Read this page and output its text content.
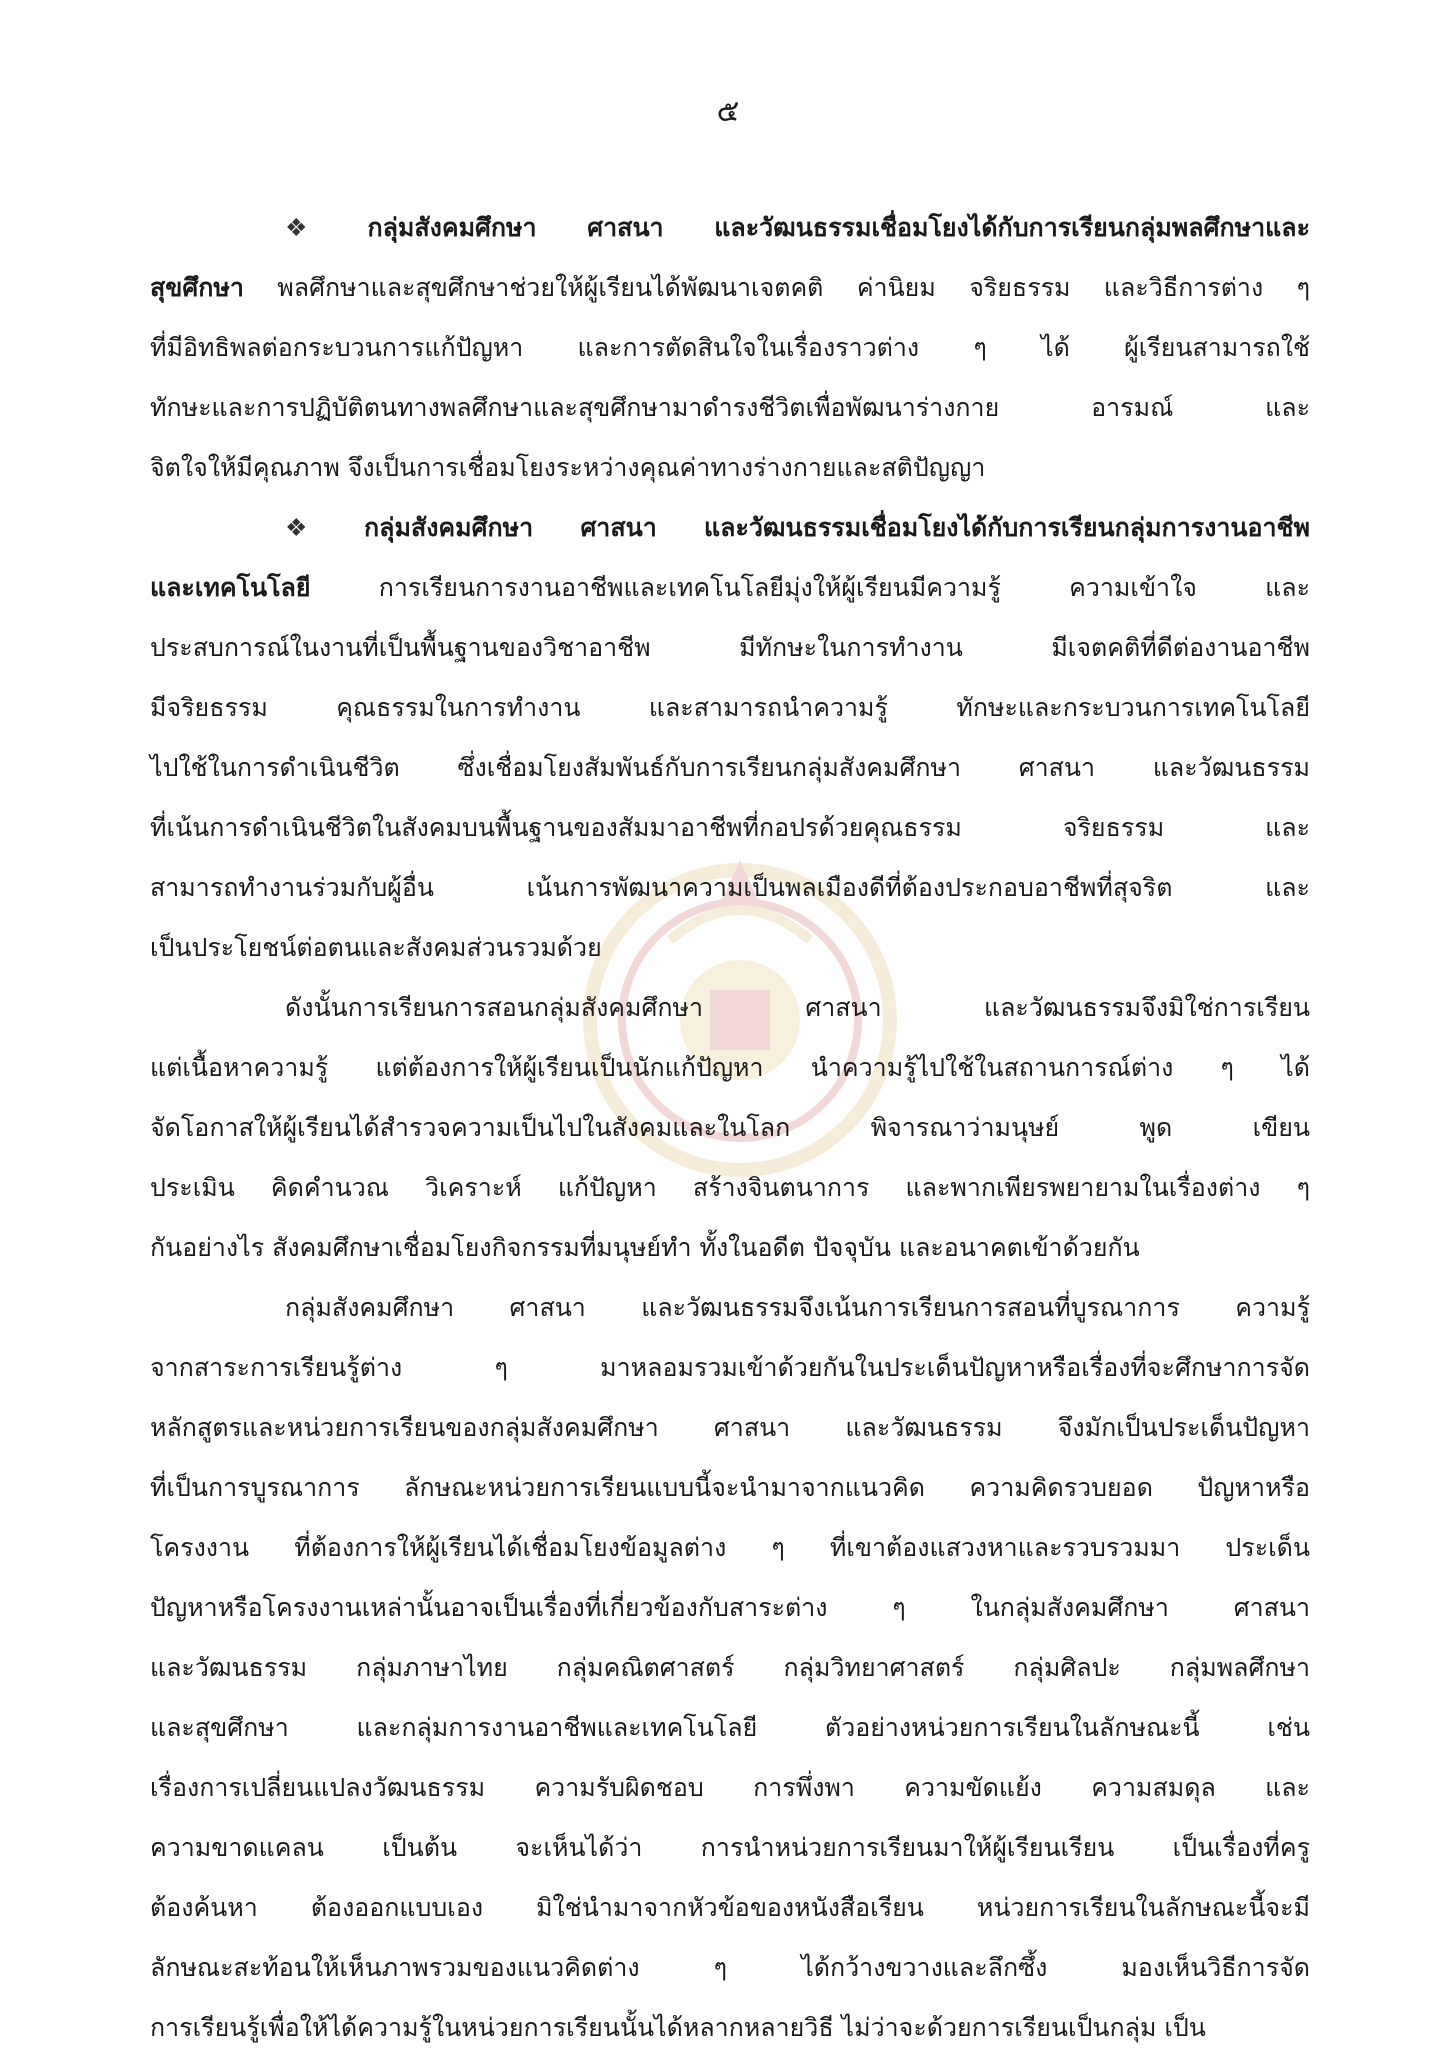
๕
❖ กลุ่มสังคมศึกษา ศาสนา และวัฒนธรรมเชื่อมโยงได้กับการเรียนกลุ่มพลศึกษาและ
สุขศึกษา พลศึกษาและสุขศึกษาช่วยให้ผู้เรียนได้พัฒนาเจตคติ ค่านิยม จริยธรรม และวิธีการต่าง ๆ
ที่มีอิทธิพลต่อกระบวนการแก้ปัญหา และการตัดสินใจในเรื่องราวต่าง ๆ ได้ ผู้เรียนสามารถใช้
ทักษะและการปฏิบัติตนทางพลศึกษาและสุขศึกษามาดำรงชีวิตเพื่อพัฒนาร่างกาย อารมณ์ และ
จิตใจให้มีคุณภาพ จึงเป็นการเชื่อมโยงระหว่างคุณค่าทางร่างกายและสติปัญญา
❖ กลุ่มสังคมศึกษา ศาสนา และวัฒนธรรมเชื่อมโยงได้กับการเรียนกลุ่มการงานอาชีพ
และเทคโนโลยี การเรียนการงานอาชีพและเทคโนโลยีมุ่งให้ผู้เรียนมีความรู้ ความเข้าใจ และ
ประสบการณ์ในงานที่เป็นพื้นฐานของวิชาอาชีพ มีทักษะในการทำงาน มีเจตคติที่ดีต่องานอาชีพ
มีจริยธรรม คุณธรรมในการทำงาน และสามารถนำความรู้ ทักษะและกระบวนการเทคโนโลยี
ไปใช้ในการดำเนินชีวิต ซึ่งเชื่อมโยงสัมพันธ์กับการเรียนกลุ่มสังคมศึกษา ศาสนา และวัฒนธรรม
ที่เน้นการดำเนินชีวิตในสังคมบนพื้นฐานของสัมมาอาชีพที่กอปรด้วยคุณธรรม จริยธรรม และ
สามารถทำงานร่วมกับผู้อื่น เน้นการพัฒนาความเป็นพลเมืองดีที่ต้องประกอบอาชีพที่สุจริต และ
เป็นประโยชน์ต่อตนและสังคมส่วนรวมด้วย
ดังนั้นการเรียนการสอนกลุ่มสังคมศึกษา ศาสนา และวัฒนธรรมจึงมิใช่การเรียน
แต่เนื้อหาความรู้ แต่ต้องการให้ผู้เรียนเป็นนักแก้ปัญหา นำความรู้ไปใช้ในสถานการณ์ต่าง ๆ ได้
จัดโอกาสให้ผู้เรียนได้สำรวจความเป็นไปในสังคมและในโลก พิจารณาว่ามนุษย์ พูด เขียน
ประเมิน คิดคำนวณ วิเคราะห์ แก้ปัญหา สร้างจินตนาการ และพากเพียรพยายามในเรื่องต่าง ๆ
กันอย่างไร สังคมศึกษาเชื่อมโยงกิจกรรมที่มนุษย์ทำ ทั้งในอดีต ปัจจุบัน และอนาคตเข้าด้วยกัน
กลุ่มสังคมศึกษา ศาสนา และวัฒนธรรมจึงเน้นการเรียนการสอนที่บูรณาการ ความรู้
จากสาระการเรียนรู้ต่าง ๆ มาหลอมรวมเข้าด้วยกันในประเด็นปัญหาหรือเรื่องที่จะศึกษาการจัด
หลักสูตรและหน่วยการเรียนของกลุ่มสังคมศึกษา ศาสนา และวัฒนธรรม จึงมักเป็นประเด็นปัญหา
ที่เป็นการบูรณาการ ลักษณะหน่วยการเรียนแบบนี้จะนำมาจากแนวคิด ความคิดรวบยอด ปัญหาหรือ
โครงงาน ที่ต้องการให้ผู้เรียนได้เชื่อมโยงข้อมูลต่าง ๆ ที่เขาต้องแสวงหาและรวบรวมมา ประเด็น
ปัญหาหรือโครงงานเหล่านั้นอาจเป็นเรื่องที่เกี่ยวข้องกับสาระต่าง ๆ ในกลุ่มสังคมศึกษา ศาสนา
และวัฒนธรรม กลุ่มภาษาไทย กลุ่มคณิตศาสตร์ กลุ่มวิทยาศาสตร์ กลุ่มศิลปะ กลุ่มพลศึกษา
และสุขศึกษา และกลุ่มการงานอาชีพและเทคโนโลยี ตัวอย่างหน่วยการเรียนในลักษณะนี้ เช่น
เรื่องการเปลี่ยนแปลงวัฒนธรรม ความรับผิดชอบ การพึ่งพา ความขัดแย้ง ความสมดุล และ
ความขาดแคลน เป็นต้น จะเห็นได้ว่า การนำหน่วยการเรียนมาให้ผู้เรียนเรียน เป็นเรื่องที่ครู
ต้องค้นหา ต้องออกแบบเอง มิใช่นำมาจากหัวข้อของหนังสือเรียน หน่วยการเรียนในลักษณะนี้จะมี
ลักษณะสะท้อนให้เห็นภาพรวมของแนวคิดต่าง ๆ ได้กว้างขวางและลึกซึ้ง มองเห็นวิธีการจัด
การเรียนรู้เพื่อให้ได้ความรู้ในหน่วยการเรียนนั้นได้หลากหลายวิธี ไม่ว่าจะด้วยการเรียนเป็นกลุ่ม เป็น
